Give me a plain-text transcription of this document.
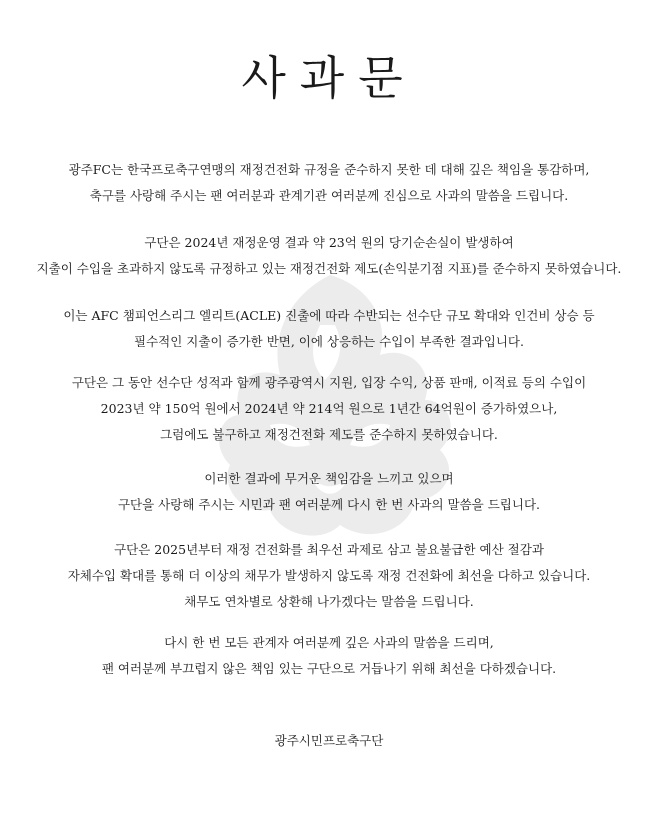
사과문
광주FC는 한국프로축구연맹의 재정건전화 규정을 준수하지 못한 데 대해 깊은 책임을 통감하며,
축구를 사랑해 주시는 팬 여러분과 관계기관 여러분께 진심으로 사과의 말씀을 드립니다.
구단은 2024년 재정운영 결과 약 23억 원의 당기순손실이 발생하여
지출이 수입을 초과하지 않도록 규정하고 있는 재정건전화 제도(손익분기점 지표)를 준수하지 못하였습니다.
이는 AFC 챔피언스리그 엘리트(ACLE) 진출에 따라 수반되는 선수단 규모 확대와 인건비 상승 등
필수적인 지출이 증가한 반면, 이에 상응하는 수입이 부족한 결과입니다.
구단은 그 동안 선수단 성적과 함께 광주광역시 지원, 입장 수익, 상품 판매, 이적료 등의 수입이
2023년 약 150억 원에서 2024년 약 214억 원으로 1년간 64억원이 증가하였으나,
그럼에도 불구하고 재정건전화 제도를 준수하지 못하였습니다.
이러한 결과에 무거운 책임감을 느끼고 있으며
구단을 사랑해 주시는 시민과 팬 여러분께 다시 한 번 사과의 말씀을 드립니다.
구단은 2025년부터 재정 건전화를 최우선 과제로 삼고 불요불급한 예산 절감과
자체수입 확대를 통해 더 이상의 채무가 발생하지 않도록 재정 건전화에 최선을 다하고 있습니다.
채무도 연차별로 상환해 나가겠다는 말씀을 드립니다.
다시 한 번 모든 관계자 여러분께 깊은 사과의 말씀을 드리며,
팬 여러분께 부끄럽지 않은 책임 있는 구단으로 거듭나기 위해 최선을 다하겠습니다.

광주시민프로축구단
